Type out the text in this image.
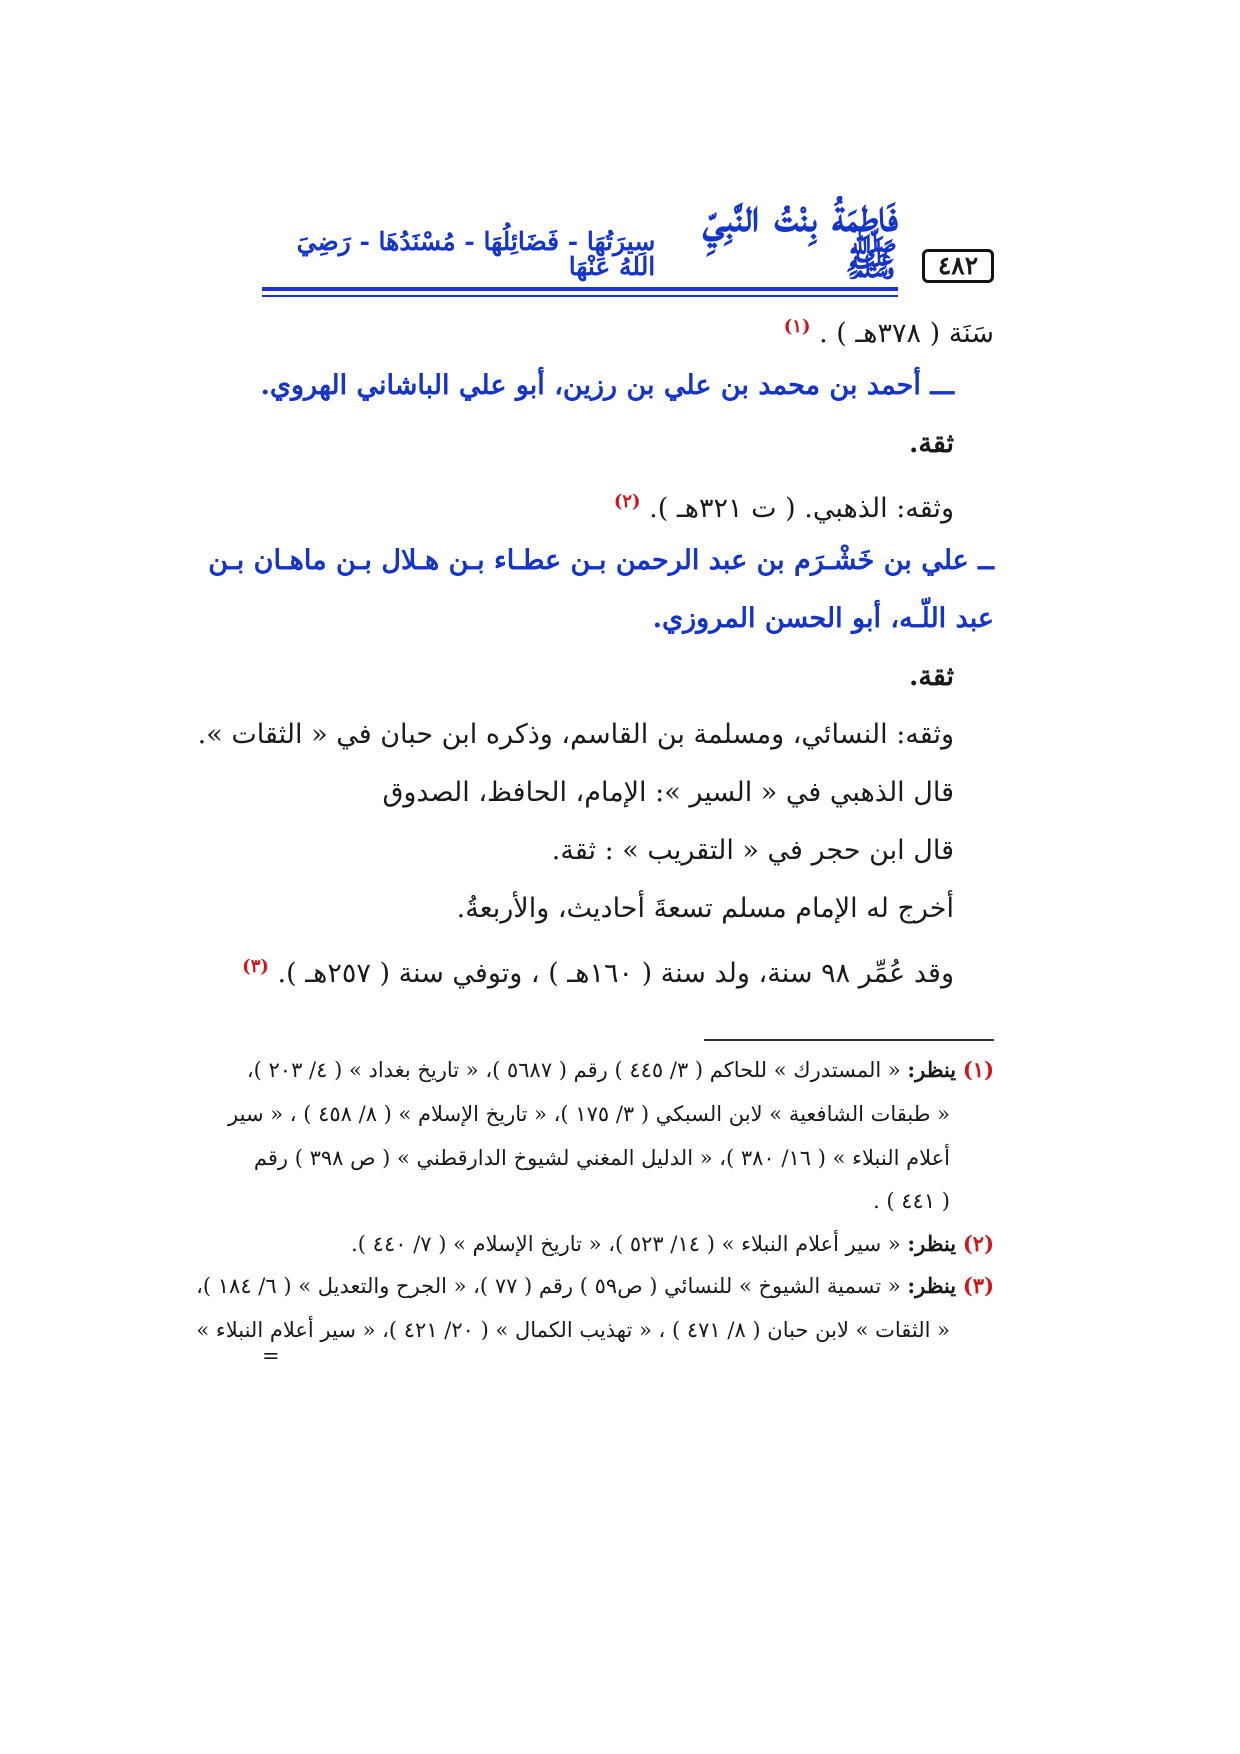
٤٨٢
فَاطِمَةُ بِنْتُ النَّبِيِّ ﷺ
سِيرَتُهَا - فَضَائِلُهَا - مُسْنَدُهَا - رَضِيَ اللهُ عَنْهَا
سَنَة ( ٣٧٨هـ ) . $^{(١)}$
ـــ أحمد بن محمد بن علي بن رزين، أبو علي الباشاني الهروي.
ثقة.
وثقه: الذهبي. ( ت ٣٢١هـ ). $^{(٢)}$
ــ علي بن خَشْـرَم بن عبد الرحمن بـن عطـاء بـن هـلال بـن ماهـان بـن
عبد اللّـه، أبو الحسن المروزي.
ثقة.
وثقه: النسائي، ومسلمة بن القاسم، وذكره ابن حبان في « الثقات ».
قال الذهبي في « السير »: الإمام، الحافظ، الصدوق
قال ابن حجر في « التقريب » : ثقة.
أخرج له الإمام مسلم تسعةَ أحاديث، والأربعةُ.
وقد عُمِّر ٩٨ سنة، ولد سنة ( ١٦٠هـ ) ، وتوفي سنة ( ٢٥٧هـ ). $^{(٣)}$
(١) ينظر: « المستدرك » للحاكم ( ٣/ ٤٤٥ ) رقم ( ٥٦٨٧ )، « تاريخ بغداد » ( ٤/ ٢٠٣ )،
« طبقات الشافعية » لابن السبكي ( ٣/ ١٧٥ )، « تاريخ الإسلام » ( ٨/ ٤٥٨ ) ، « سير
أعلام النبلاء » ( ١٦/ ٣٨٠ )، « الدليل المغني لشيوخ الدارقطني » ( ص ٣٩٨ ) رقم
( ٤٤١ ) .
(٢) ينظر: « سير أعلام النبلاء » ( ١٤/ ٥٢٣ )، « تاريخ الإسلام » ( ٧/ ٤٤٠ ).
(٣) ينظر: « تسمية الشيوخ » للنسائي ( ص٥٩ ) رقم ( ٧٧ )، « الجرح والتعديل » ( ٦/ ١٨٤ )،
« الثقات » لابن حبان ( ٨/ ٤٧١ ) ، « تهذيب الكمال » ( ٢٠/ ٤٢١ )، « سير أعلام النبلاء »
=
